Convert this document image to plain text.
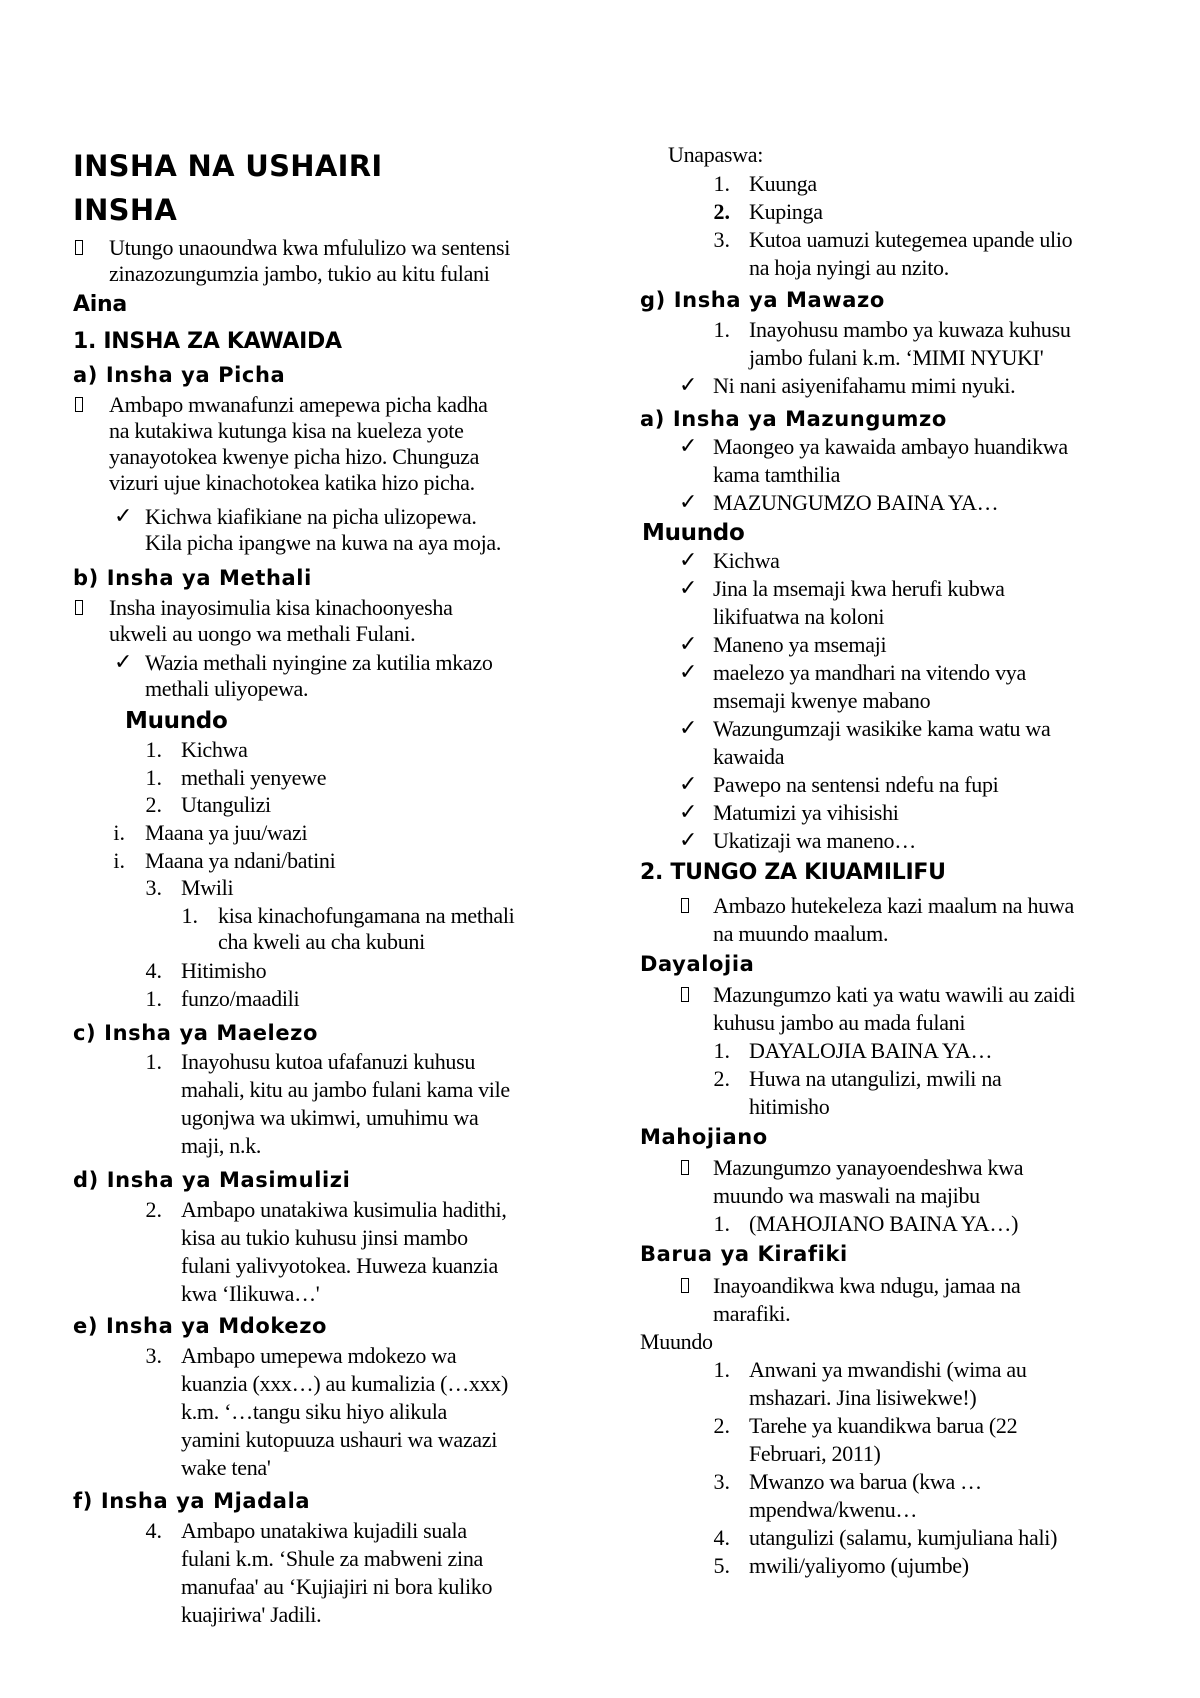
INSHA NA USHAIRI
INSHA
Utungo unaoundwa kwa mfululizo wa sentensi
zinazozungumzia jambo, tukio au kitu fulani
Aina
1. INSHA ZA KAWAIDA
a) Insha ya Picha
Ambapo mwanafunzi amepewa picha kadha
na kutakiwa kutunga kisa na kueleza yote
yanayotokea kwenye picha hizo. Chunguza
vizuri ujue kinachotokea katika hizo picha.
✓ Kichwa kiafikiane na picha ulizopewa.
Kila picha ipangwe na kuwa na aya moja.
b) Insha ya Methali
Insha inayosimulia kisa kinachoonyesha
ukweli au uongo wa methali Fulani.
✓ Wazia methali nyingine za kutilia mkazo
methali uliyopewa.
Muundo
1. Kichwa
1. methali yenyewe
2. Utangulizi
i. Maana ya juu/wazi
i. Maana ya ndani/batini
3. Mwili
1. kisa kinachofungamana na methali
cha kweli au cha kubuni
4. Hitimisho
1. funzo/maadili
c) Insha ya Maelezo
1. Inayohusu kutoa ufafanuzi kuhusu
mahali, kitu au jambo fulani kama vile
ugonjwa wa ukimwi, umuhimu wa
maji, n.k.
d) Insha ya Masimulizi
2. Ambapo unatakiwa kusimulia hadithi,
kisa au tukio kuhusu jinsi mambo
fulani yalivyotokea. Huweza kuanzia
kwa ‘Ilikuwa…'
e) Insha ya Mdokezo
3. Ambapo umepewa mdokezo wa
kuanzia (xxx…) au kumalizia (…xxx)
k.m. ‘…tangu siku hiyo alikula
yamini kutopuuza ushauri wa wazazi
wake tena'
f) Insha ya Mjadala
4. Ambapo unatakiwa kujadili suala
fulani k.m. ‘Shule za mabweni zina
manufaa' au ‘Kujiajiri ni bora kuliko
kuajiriwa' Jadili.
Unapaswa:
1. Kuunga
2. Kupinga
3. Kutoa uamuzi kutegemea upande ulio
na hoja nyingi au nzito.
g) Insha ya Mawazo
1. Inayohusu mambo ya kuwaza kuhusu
jambo fulani k.m. ‘MIMI NYUKI'
✓ Ni nani asiyenifahamu mimi nyuki.
a) Insha ya Mazungumzo
✓ Maongeo ya kawaida ambayo huandikwa
kama tamthilia
✓ MAZUNGUMZO BAINA YA…
Muundo
✓ Kichwa
✓ Jina la msemaji kwa herufi kubwa
likifuatwa na koloni
✓ Maneno ya msemaji
✓ maelezo ya mandhari na vitendo vya
msemaji kwenye mabano
✓ Wazungumzaji wasikike kama watu wa
kawaida
✓ Pawepo na sentensi ndefu na fupi
✓ Matumizi ya vihisishi
✓ Ukatizaji wa maneno…
2. TUNGO ZA KIUAMILIFU
Ambazo hutekeleza kazi maalum na huwa
na muundo maalum.
Dayalojia
Mazungumzo kati ya watu wawili au zaidi
kuhusu jambo au mada fulani
1. DAYALOJIA BAINA YA…
2. Huwa na utangulizi, mwili na
hitimisho
Mahojiano
Mazungumzo yanayoendeshwa kwa
muundo wa maswali na majibu
1. (MAHOJIANO BAINA YA…)
Barua ya Kirafiki
Inayoandikwa kwa ndugu, jamaa na
marafiki.
Muundo
1. Anwani ya mwandishi (wima au
mshazari. Jina lisiwekwe!)
2. Tarehe ya kuandikwa barua (22
Februari, 2011)
3. Mwanzo wa barua (kwa …
mpendwa/kwenu…
4. utangulizi (salamu, kumjuliana hali)
5. mwili/yaliyomo (ujumbe)
